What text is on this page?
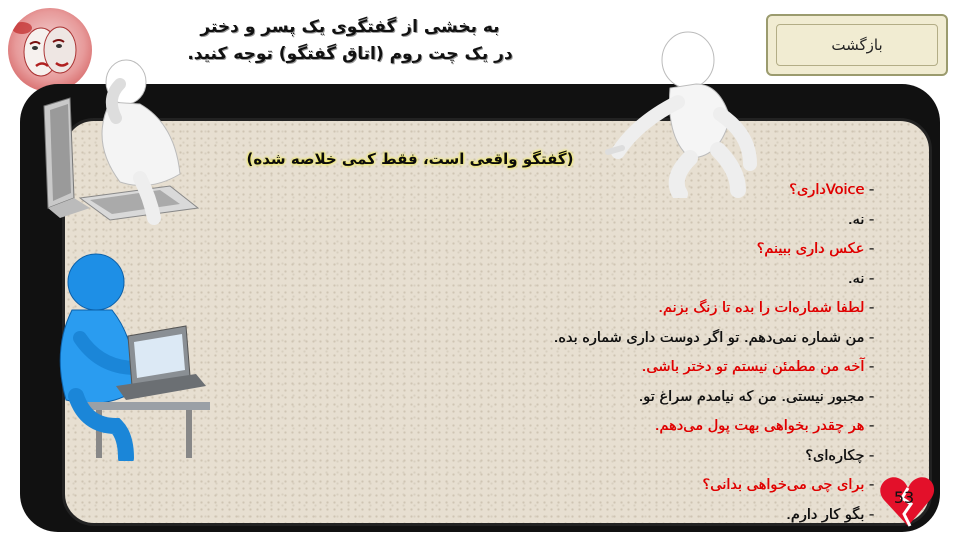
به بخشی از گفتگوی یک پسر و دختر
در یک چت روم (اتاق گفتگو) توجه کنید.	بازگشت
(گفتگو واقعی است، فقط کمی خلاصه شده)
- Voiceداری؟
- نه.
- عکس داری ببینم؟
- نه.
- لطفا شماره‌ات را بده تا زنگ بزنم.
- من شماره نمی‌دهم. تو اگر دوست داری شماره بده.
- آخه من مطمئن نیستم تو دختر باشی.
- مجبور نیستی. من که نیامدم سراغ تو.
- هر چقدر بخواهی بهت پول می‌دهم.
- چکاره‌ای؟
- برای چی می‌خواهی بدانی؟
- بگو کار دارم.
53
